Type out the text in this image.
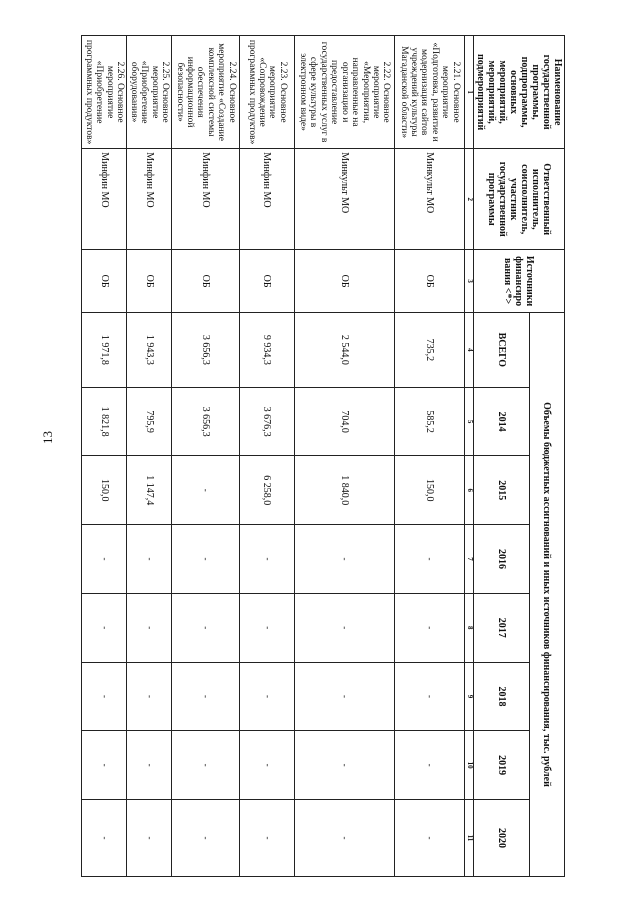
13
Наименование государственной программы, подпрограммы, основных мероприятий, мероприятий, подмероприятий	Ответственный исполнитель, соисполнитель, участник государственной программы	Источники финансиро вания <*>	Объемы бюджетных ассигнований и иных источников финансирования, тыс. рублей							
			ВСЕГО	2014	2015	2016	2017	2018	2019	2020
1	2	3	4	5	6	7	8	9	10	11
2.21. Основное мероприятие «Подготовка, развитие и модернизация сайтов учреждений культуры Магаданской области»	Минкульт МО	ОБ	735,2	585,2	150,0	-	-	-	-	-
2.22. Основное мероприятие «Мероприятия, направленные на организацию и предоставление государственных услуг в сфере культуры в электронном виде»	Минкульт МО	ОБ	2 544,0	704,0	1 840,0	-	-	-	-	-
2.23. Основное мероприятие «Сопровождение программных продуктов»	Минфин МО	ОБ	9 934,3	3 676,3	6 258,0	-	-	-	-	-
2.24. Основное мероприятие «Создание комплексной системы обеспечения информационной безопасности»	Минфин МО	ОБ	3 656,3	3 656,3	-	-	-	-	-	-
2.25. Основное мероприятие «Приобретение оборудования»	Минфин МО	ОБ	1 943,3	795,9	1 147,4	-	-	-	-	-
2.26. Основное мероприятие «Приобретение программных продуктов»	Минфин МО	ОБ	1 971,8	1 821,8	150,0	-	-	-	-	-
